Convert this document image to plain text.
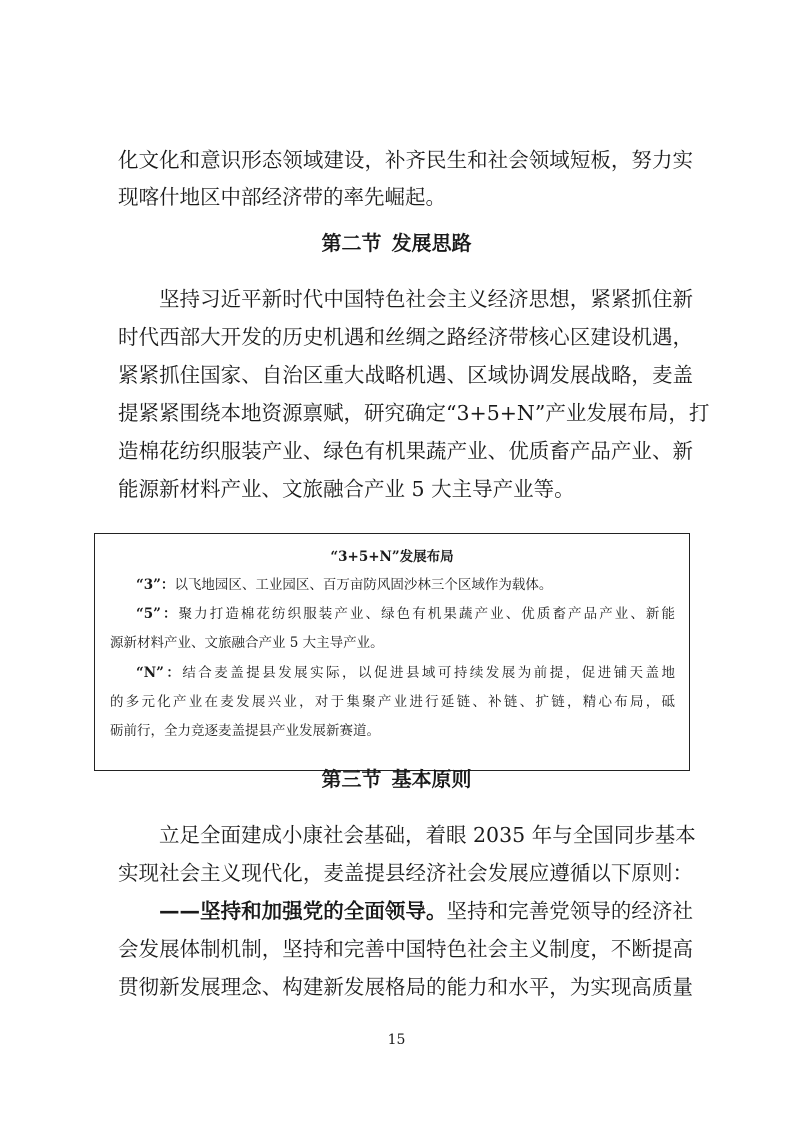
化文化和意识形态领域建设，补齐民生和社会领域短板，努力实

现喀什地区中部经济带的率先崛起。

第二节 发展思路

坚持习近平新时代中国特色社会主义经济思想，紧紧抓住新

时代西部大开发的历史机遇和丝绸之路经济带核心区建设机遇，

紧紧抓住国家、自治区重大战略机遇、区域协调发展战略，麦盖

提紧紧围绕本地资源禀赋，研究确定“3+5+N”产业发展布局，打

造棉花纺织服装产业、绿色有机果蔬产业、优质畜产品产业、新

能源新材料产业、文旅融合产业 5 大主导产业等。

“3+5+N”发展布局

“3”：以飞地园区、工业园区、百万亩防风固沙林三个区域作为载体。

“5”：聚力打造棉花纺织服装产业、绿色有机果蔬产业、优质畜产品产业、新能

源新材料产业、文旅融合产业 5 大主导产业。

“N”：结合麦盖提县发展实际，以促进县域可持续发展为前提，促进铺天盖地

的多元化产业在麦发展兴业，对于集聚产业进行延链、补链、扩链，精心布局，砥

砺前行，全力竞逐麦盖提县产业发展新赛道。

第三节 基本原则

立足全面建成小康社会基础，着眼 2035 年与全国同步基本

实现社会主义现代化，麦盖提县经济社会发展应遵循以下原则：

——坚持和加强党的全面领导。坚持和完善党领导的经济社

会发展体制机制，坚持和完善中国特色社会主义制度，不断提高

贯彻新发展理念、构建新发展格局的能力和水平，为实现高质量

15
